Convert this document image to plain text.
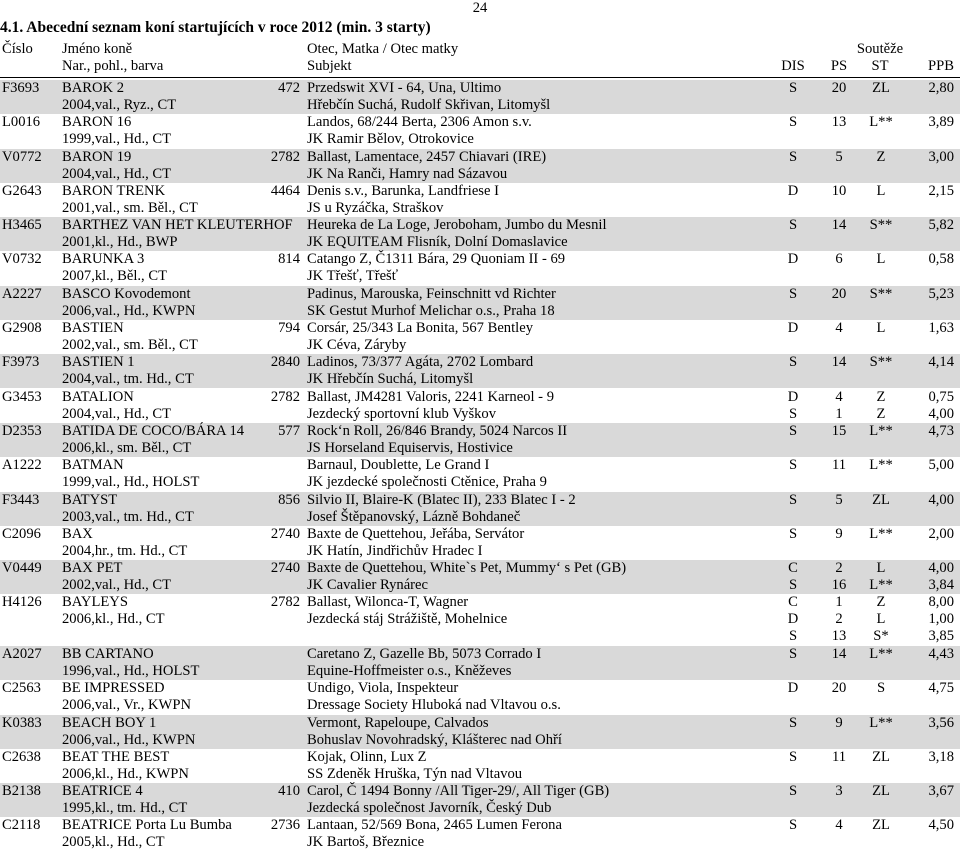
24
4.1. Abecední seznam koní startujících v roce 2012 (min. 3 starty)
Číslo Jméno koně	Otec, Matka / Otec matky	Soutěže
Nar., pohl., barva	Subjekt	DIS	PS	ST	PPB
F3693 BAROK 2	472 Przedswit XVI - 64, Una, Ultimo	S	20	ZL	2,80
2004,val., Ryz., CT	Hřebčín Suchá, Rudolf Skřivan, Litomyšl
L0016 BARON 16	Landos, 68/244 Berta, 2306 Amon s.v.	S	13	L**	3,89
1999,val., Hd., CT	JK Ramir Bělov, Otrokovice
V0772 BARON 19	2782 Ballast, Lamentace, 2457 Chiavari (IRE)	S	5	Z	3,00
2004,val., Hd., CT	JK Na Ranči, Hamry nad Sázavou
G2643 BARON TRENK	4464 Denis s.v., Barunka, Landfriese I	D	10	L	2,15
2001,val., sm. Běl., CT	JS u Ryzáčka, Straškov
H3465 BARTHEZ VAN HET KLEUTERHOF Heureka de La Loge, Jeroboham, Jumbo du Mesnil	S	14	S**	5,82
2001,kl., Hd., BWP	JK EQUITEAM Flisník, Dolní Domaslavice
V0732 BARUNKA 3	814 Catango Z, Č1311 Bára, 29 Quoniam II - 69	D	6	L	0,58
2007,kl., Běl., CT	JK Třešť, Třešť
A2227 BASCO Kovodemont	Padinus, Marouska, Feinschnitt vd Richter	S	20	S**	5,23
2006,val., Hd., KWPN	SK Gestut Murhof Melichar o.s., Praha 18
G2908 BASTIEN	794 Corsár, 25/343 La Bonita, 567 Bentley	D	4	L	1,63
2002,val., sm. Běl., CT	JK Céva, Záryby
F3973 BASTIEN 1	2840 Ladinos, 73/377 Agáta, 2702 Lombard	S	14	S**	4,14
2004,val., tm. Hd., CT	JK Hřebčín Suchá, Litomyšl
G3453 BATALION	2782 Ballast, JM4281 Valoris, 2241 Karneol - 9	D	4	Z	0,75
2004,val., Hd., CT	Jezdecký sportovní klub Vyškov	S	1	Z	4,00
D2353 BATIDA DE COCO/BÁRA 14 577 Rock‘n Roll, 26/846 Brandy, 5024 Narcos II	S	15	L**	4,73
2006,kl., sm. Běl., CT	JS Horseland Equiservis, Hostivice
A1222 BATMAN	Barnaul, Doublette, Le Grand I	S	11	L**	5,00
1999,val., Hd., HOLST	JK jezdecké společnosti Ctěnice, Praha 9
F3443 BATYST	856 Silvio II, Blaire-K (Blatec II), 233 Blatec I - 2	S	5	ZL	4,00
2003,val., tm. Hd., CT	Josef Štěpanovský, Lázně Bohdaneč
C2096 BAX	2740 Baxte de Quettehou, Jeřába, Servátor	S	9	L**	2,00
2004,hr., tm. Hd., CT	JK Hatín, Jindřichův Hradec I
V0449 BAX PET	2740 Baxte de Quettehou, White`s Pet, Mummy‘ s Pet (GB)	C	2	L	4,00
2002,val., Hd., CT	JK Cavalier Rynárec	S	16	L**	3,84
H4126 BAYLEYS	2782 Ballast, Wilonca-T, Wagner	C	1	Z	8,00
2006,kl., Hd., CT	Jezdecká stáj Strážiště, Mohelnice	D	2	L	1,00
S	13	S*	3,85
A2027 BB CARTANO	Caretano Z, Gazelle Bb, 5073 Corrado I	S	14	L**	4,43
1996,val., Hd., HOLST	Equine-Hoffmeister o.s., Kněževes
C2563 BE IMPRESSED	Undigo, Viola, Inspekteur	D	20	S	4,75
2006,val., Vr., KWPN	Dressage Society Hluboká nad Vltavou o.s.
K0383 BEACH BOY 1	Vermont, Rapeloupe, Calvados	S	9	L**	3,56
2006,val., Hd., KWPN	Bohuslav Novohradský, Klášterec nad Ohří
C2638 BEAT THE BEST	Kojak, Olinn, Lux Z	S	11	ZL	3,18
2006,kl., Hd., KWPN	SS Zdeněk Hruška, Týn nad Vltavou
B2138 BEATRICE 4	410 Carol, Č 1494 Bonny /All Tiger-29/, All Tiger (GB)	S	3	ZL	3,67
1995,kl., tm. Hd., CT	Jezdecká společnost Javorník, Český Dub
C2118 BEATRICE Porta Lu Bumba	2736 Lantaan, 52/569 Bona, 2465 Lumen Ferona	S	4	ZL	4,50
2005,kl., Hd., CT	JK Bartoš, Březnice
